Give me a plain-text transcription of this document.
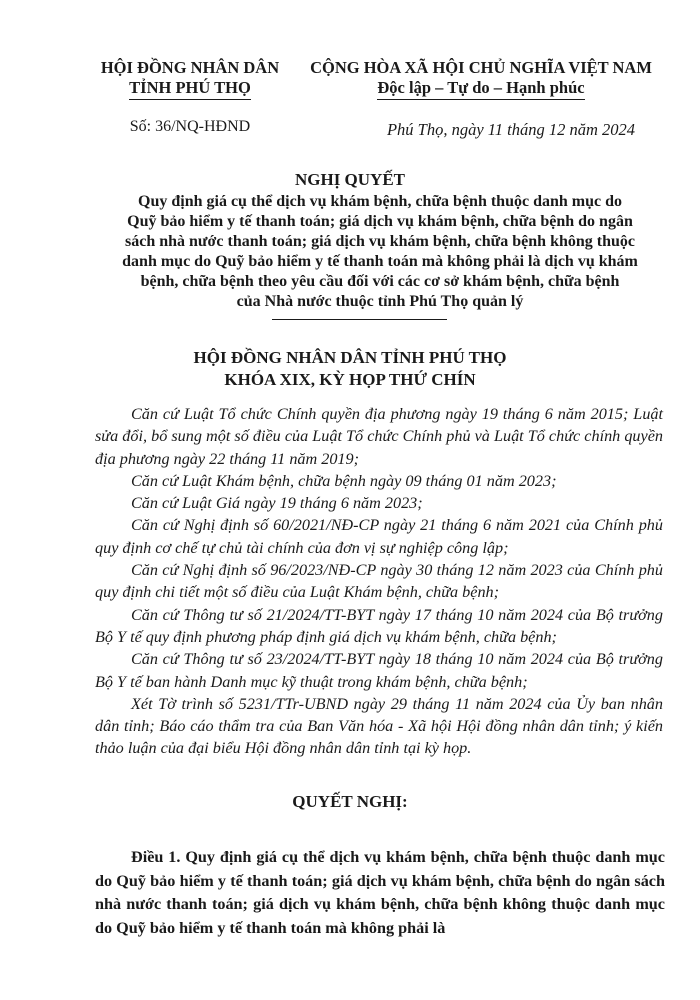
HỘI ĐỒNG NHÂN DÂN
TỈNH PHÚ THỌ
CỘNG HÒA XÃ HỘI CHỦ NGHĨA VIỆT NAM
Độc lập – Tự do – Hạnh phúc
Số: 36/NQ-HĐND	Phú Thọ, ngày 11 tháng 12 năm 2024
NGHỊ QUYẾT
Quy định giá cụ thể dịch vụ khám bệnh, chữa bệnh thuộc danh mục do
Quỹ bảo hiểm y tế thanh toán; giá dịch vụ khám bệnh, chữa bệnh do ngân
sách nhà nước thanh toán; giá dịch vụ khám bệnh, chữa bệnh không thuộc
danh mục do Quỹ bảo hiểm y tế thanh toán mà không phải là dịch vụ khám
bệnh, chữa bệnh theo yêu cầu đối với các cơ sở khám bệnh, chữa bệnh
của Nhà nước thuộc tỉnh Phú Thọ quản lý
HỘI ĐỒNG NHÂN DÂN TỈNH PHÚ THỌ
KHÓA XIX, KỲ HỌP THỨ CHÍN

Căn cứ Luật Tổ chức Chính quyền địa phương ngày 19 tháng 6 năm 2015; Luật sửa đổi, bổ sung một số điều của Luật Tổ chức Chính phủ và Luật Tổ chức chính quyền địa phương ngày 22 tháng 11 năm 2019;

Căn cứ Luật Khám bệnh, chữa bệnh ngày 09 tháng 01 năm 2023;

Căn cứ Luật Giá ngày 19 tháng 6 năm 2023;

Căn cứ Nghị định số 60/2021/NĐ-CP ngày 21 tháng 6 năm 2021 của Chính phủ quy định cơ chế tự chủ tài chính của đơn vị sự nghiệp công lập;

Căn cứ Nghị định số 96/2023/NĐ-CP ngày 30 tháng 12 năm 2023 của Chính phủ quy định chi tiết một số điều của Luật Khám bệnh, chữa bệnh;

Căn cứ Thông tư số 21/2024/TT-BYT ngày 17 tháng 10 năm 2024 của Bộ trưởng Bộ Y tế quy định phương pháp định giá dịch vụ khám bệnh, chữa bệnh;

Căn cứ Thông tư số 23/2024/TT-BYT ngày 18 tháng 10 năm 2024 của Bộ trưởng Bộ Y tế ban hành Danh mục kỹ thuật trong khám bệnh, chữa bệnh;

Xét Tờ trình số 5231/TTr-UBND ngày 29 tháng 11 năm 2024 của Ủy ban nhân dân tỉnh; Báo cáo thẩm tra của Ban Văn hóa - Xã hội Hội đồng nhân dân tỉnh; ý kiến thảo luận của đại biểu Hội đồng nhân dân tỉnh tại kỳ họp.

QUYẾT NGHỊ:

Điều 1. Quy định giá cụ thể dịch vụ khám bệnh, chữa bệnh thuộc danh mục do Quỹ bảo hiểm y tế thanh toán; giá dịch vụ khám bệnh, chữa bệnh do ngân sách nhà nước thanh toán; giá dịch vụ khám bệnh, chữa bệnh không thuộc danh mục do Quỹ bảo hiểm y tế thanh toán mà không phải là
